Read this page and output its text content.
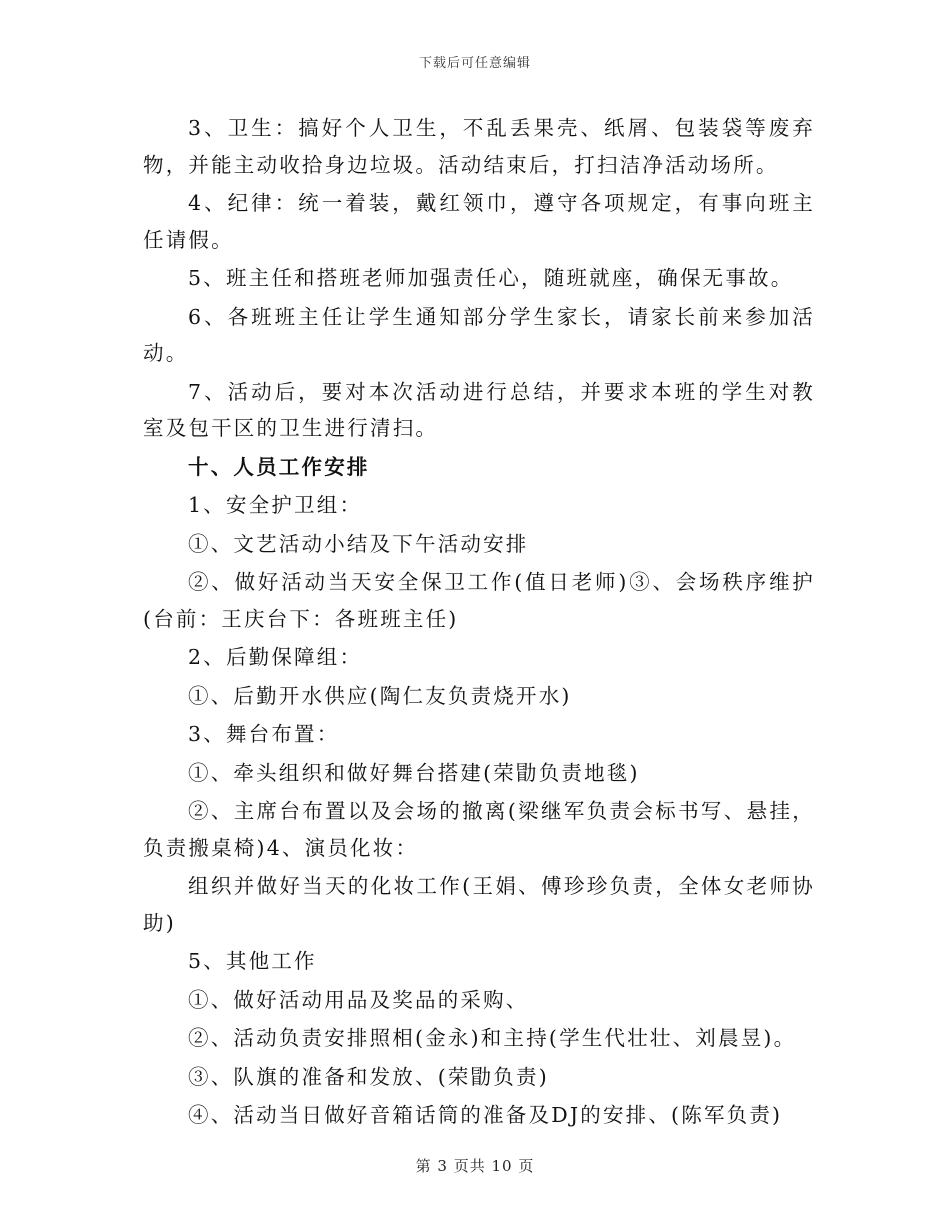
下载后可任意编辑

3、卫生：搞好个人卫生，不乱丢果壳、纸屑、包装袋等废弃物，并能主动收拾身边垃圾。活动结束后，打扫洁净活动场所。

4、纪律：统一着装，戴红领巾，遵守各项规定，有事向班主任请假。

5、班主任和搭班老师加强责任心，随班就座，确保无事故。

6、各班班主任让学生通知部分学生家长，请家长前来参加活动。

7、活动后，要对本次活动进行总结，并要求本班的学生对教室及包干区的卫生进行清扫。

十、人员工作安排

1、安全护卫组：

①、文艺活动小结及下午活动安排

②、做好活动当天安全保卫工作(值日老师)③、会场秩序维护(台前：王庆台下：各班班主任)

2、后勤保障组：

①、后勤开水供应(陶仁友负责烧开水)

3、舞台布置：

①、牵头组织和做好舞台搭建(荣勖负责地毯)

②、主席台布置以及会场的撤离(梁继军负责会标书写、悬挂，负责搬桌椅)4、演员化妆：

组织并做好当天的化妆工作(王娟、傅珍珍负责，全体女老师协助)

5、其他工作

①、做好活动用品及奖品的采购、

②、活动负责安排照相(金永)和主持(学生代壮壮、刘晨昱)。

③、队旗的准备和发放、(荣勖负责)

④、活动当日做好音箱话筒的准备及DJ的安排、(陈军负责)

第 3 页共 10 页
